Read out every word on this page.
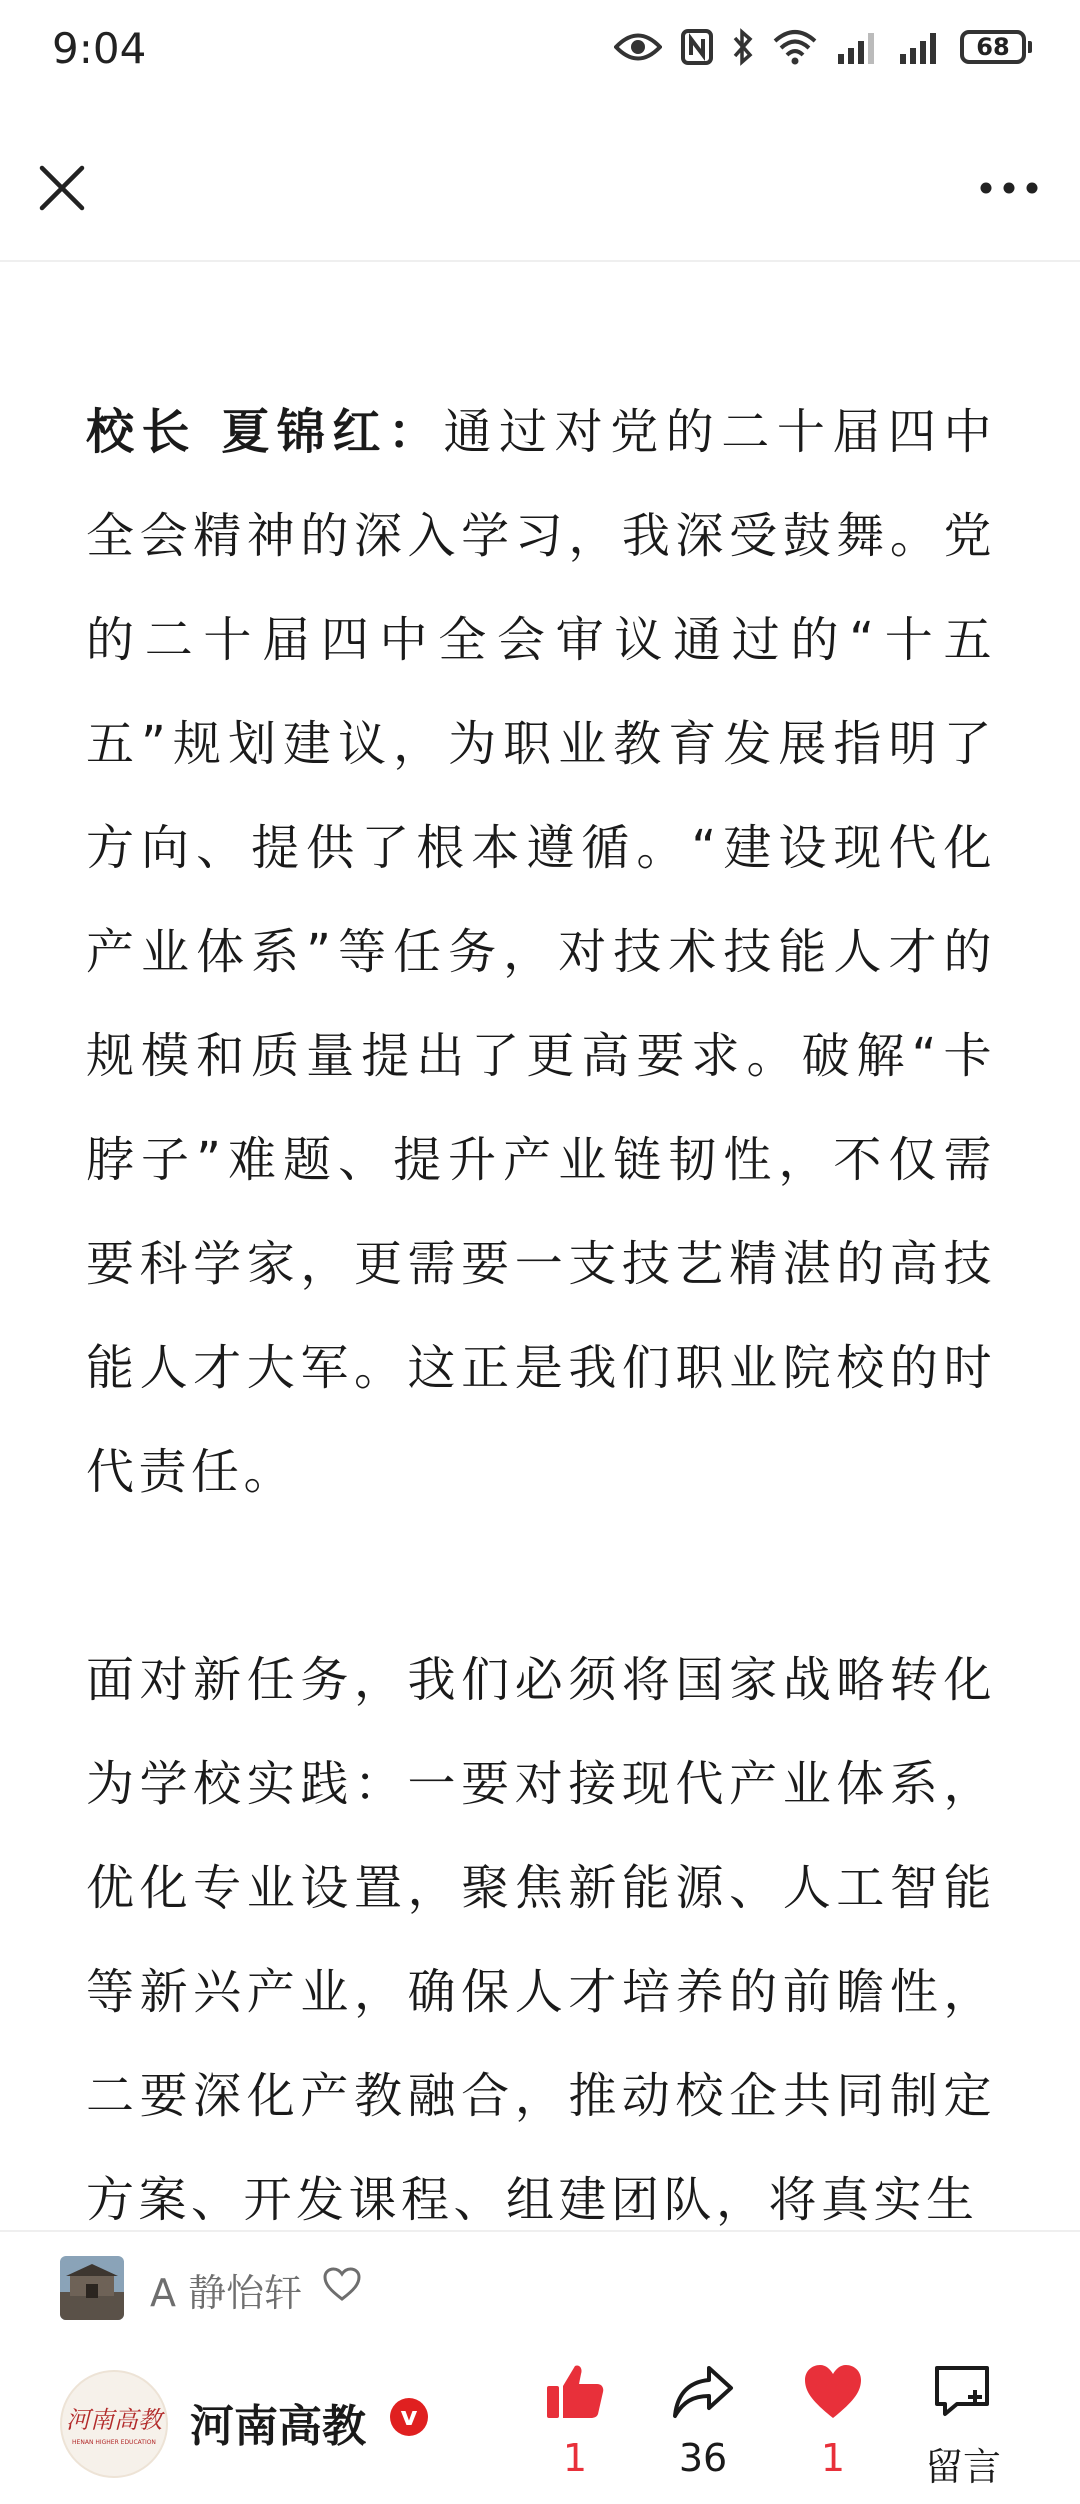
9:04	68

校长 夏锦红：通过对党的二十届四中全会精神的深入学习，我深受鼓舞。党的二十届四中全会审议通过的“十五五”规划建议，为职业教育发展指明了方向、提供了根本遵循。“建设现代化产业体系”等任务，对技术技能人才的规模和质量提出了更高要求。破解“卡脖子”难题、提升产业链韧性，不仅需要科学家，更需要一支技艺精湛的高技能人才大军。这正是我们职业院校的时代责任。

面对新任务，我们必须将国家战略转化为学校实践：一要对接现代产业体系，优化专业设置，聚焦新能源、人工智能等新兴产业，确保人才培养的前瞻性，二要深化产教融合，推动校企共同制定方案、开发课程、组建团队，将真实生

A 静怡轩
河南高教
HENAN HIGHER EDUCATION 河南高教	v
1	36	1	留言
